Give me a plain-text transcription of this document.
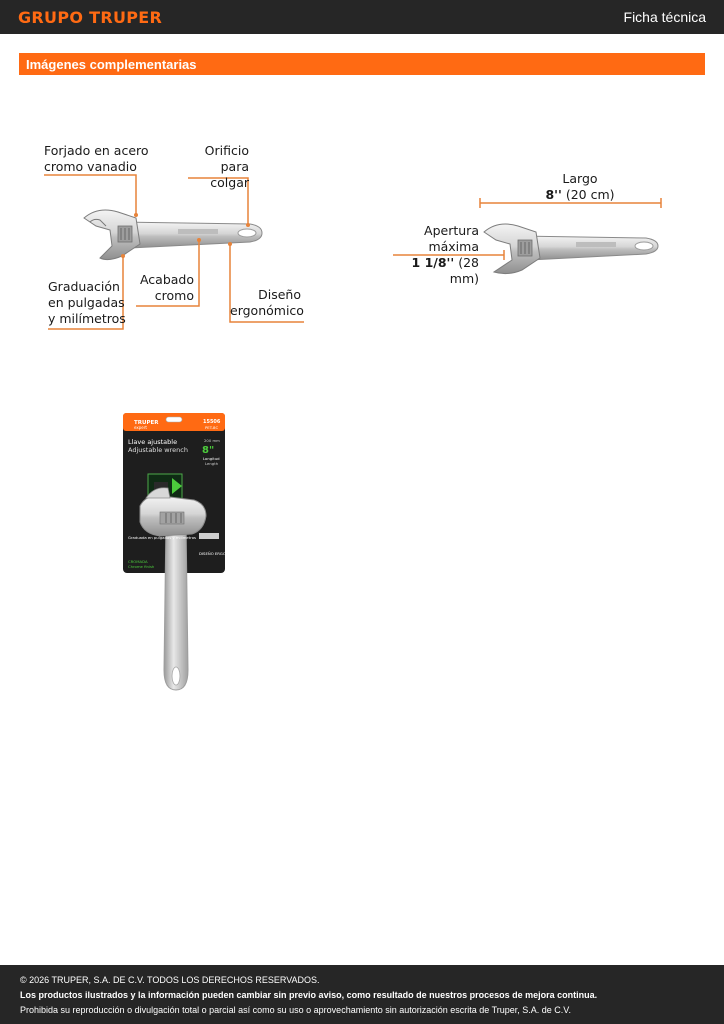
GRUPO TRUPER	Ficha técnica
Imágenes complementarias
TRUPER
expert
15506
PET-8C
Llave ajustable
Adjustable wrench
200 mm
8"
Longitud
Length
Graduada en pulgadas y milímetros
CROMADA
Chrome finish
DISEÑO ERGONÓMICO
Forjado en acero
cromo vanadio
Orificio
para colgar
Graduación
en pulgadas
y milímetros
Acabado
cromo	Diseño
ergonómico
Largo
8'' (20 cm)
Apertura máxima
1 1/8'' (28 mm)
© 2026 TRUPER, S.A. DE C.V. TODOS LOS DERECHOS RESERVADOS.
Los productos ilustrados y la información pueden cambiar sin previo aviso, como resultado de nuestros procesos de mejora continua.
Prohibida su reproducción o divulgación total o parcial así como su uso o aprovechamiento sin autorización escrita de Truper, S.A. de C.V.
